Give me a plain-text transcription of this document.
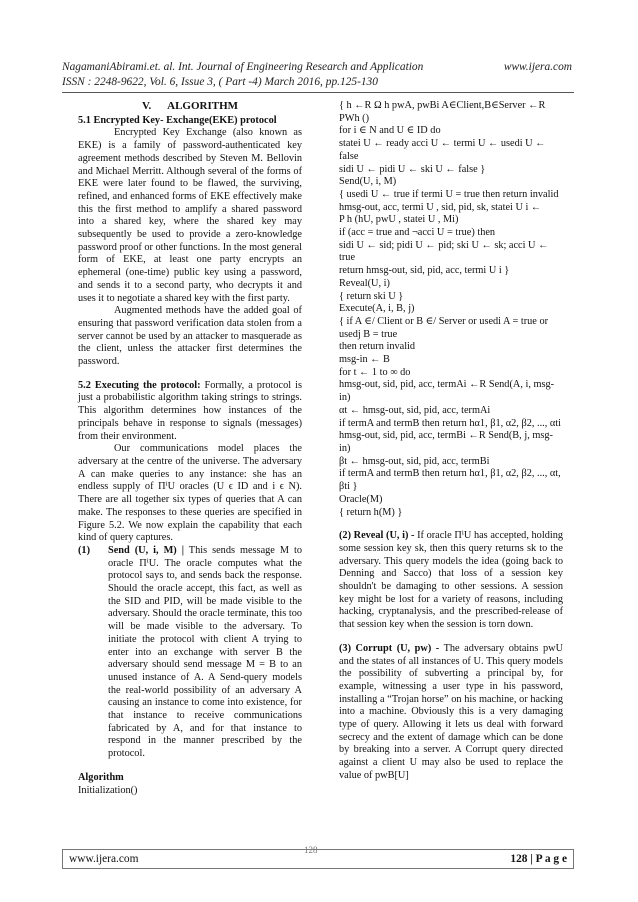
NagamaniAbirami.et. al. Int. Journal of Engineering Research and Application	www.ijera.com
ISSN : 2248-9622, Vol. 6, Issue 3, ( Part -4) March 2016, pp.125-130
V.      ALGORITHM
5.1 Encrypted Key- Exchange(EKE) protocol

Encrypted Key Exchange (also known as EKE) is a family of password-authenticated key agreement methods described by Steven M. Bellovin and Michael Merritt. Although several of the forms of EKE were later found to be flawed, the surviving, refined, and enhanced forms of EKE effectively make this the first method to amplify a shared password into a shared key, where the shared key may subsequently be used to provide a zero-knowledge password proof or other functions. In the most general form of EKE, at least one party encrypts an ephemeral (one-time) public key using a password, and sends it to a second party, who decrypts it and uses it to negotiate a shared key with the first party.

Augmented methods have the added goal of ensuring that password verification data stolen from a server cannot be used by an attacker to masquerade as the client, unless the attacker first determines the password.

5.2 Executing the protocol: Formally, a protocol is just a probabilistic algorithm taking strings to strings. This algorithm determines how instances of the principals behave in response to signals (messages) from their environment.

Our communications model places the adversary at the centre of the universe. The adversary A can make queries to any instance: she has an endless supply of ΠⁱU oracles (U ϵ ID and i ϵ N). There are all together six types of queries that A can make. The responses to these queries are specified in Figure 5.2. We now explain the capability that each kind of query captures.

(1)	Send (U, i, M) | This sends message M to oracle ΠⁱU. The oracle computes what the protocol says to, and sends back the response. Should the oracle accept, this fact, as well as the SID and PID, will be made visible to the adversary. Should the oracle terminate, this too will be made visible to the adversary. To initiate the protocol with client A trying to enter into an exchange with server B the adversary should send message M = B to an unused instance of A. A Send-query models the real-world possibility of an adversary A causing an instance to come into existence, for that instance to receive communications fabricated by A, and for that instance to respond in the manner prescribed by the protocol.
Algorithm
Initialization()

{ h ←R Ω h pwA, pwBi A∈Client,B∈Server ←R PWh ()

for i ∈ N and U ∈ ID do

statei U ← ready acci U ← termi U ← usedi U ← false

sidi U ← pidi U ← ski U ← false }

Send(U, i, M)

{ usedi U ← true if termi U = true then return invalid

hmsg-out, acc, termi U , sid, pid, sk, statei U i ←

P h (hU, pwU , statei U , Mi)

if (acc = true and ¬acci U = true) then

sidi U ← sid; pidi U ← pid; ski U ← sk; acci U ← true

return hmsg-out, sid, pid, acc, termi U i }

Reveal(U, i)

{ return ski U }

Execute(A, i, B, j)

{ if A ∈/ Client or B ∈/ Server or usedi A = true or usedj B = true

then return invalid

msg-in ← B

for t ← 1 to ∞ do

hmsg-out, sid, pid, acc, termAi ←R Send(A, i, msg-in)

αt ← hmsg-out, sid, pid, acc, termAi

if termA and termB then return hα1, β1, α2, β2, ..., αti

hmsg-out, sid, pid, acc, termBi ←R Send(B, j, msg-in)

βt ← hmsg-out, sid, pid, acc, termBi

if termA and termB then return hα1, β1, α2, β2, ..., αt, βti }

Oracle(M)

{ return h(M) }

(2) Reveal (U, i) - If oracle ΠⁱU has accepted, holding some session key sk, then this query returns sk to the adversary. This query models the idea (going back to Denning and Sacco) that loss of a session key shouldn't be damaging to other sessions. A session key might be lost for a variety of reasons, including hacking, cryptanalysis, and the prescribed-release of that session key when the session is torn down.

(3) Corrupt (U, pw) - The adversary obtains pwU and the states of all instances of U. This query models the possibility of subverting a principal by, for example, witnessing a user type in his password, installing a “Trojan horse” on his machine, or hacking into a machine. Obviously this is a very damaging type of query. Allowing it lets us deal with forward secrecy and the extent of damage which can be done by breaking into a server. A Corrupt query directed against a client U may also be used to replace the value of pwB[U]

128
www.ijera.com	128 | P a g e
